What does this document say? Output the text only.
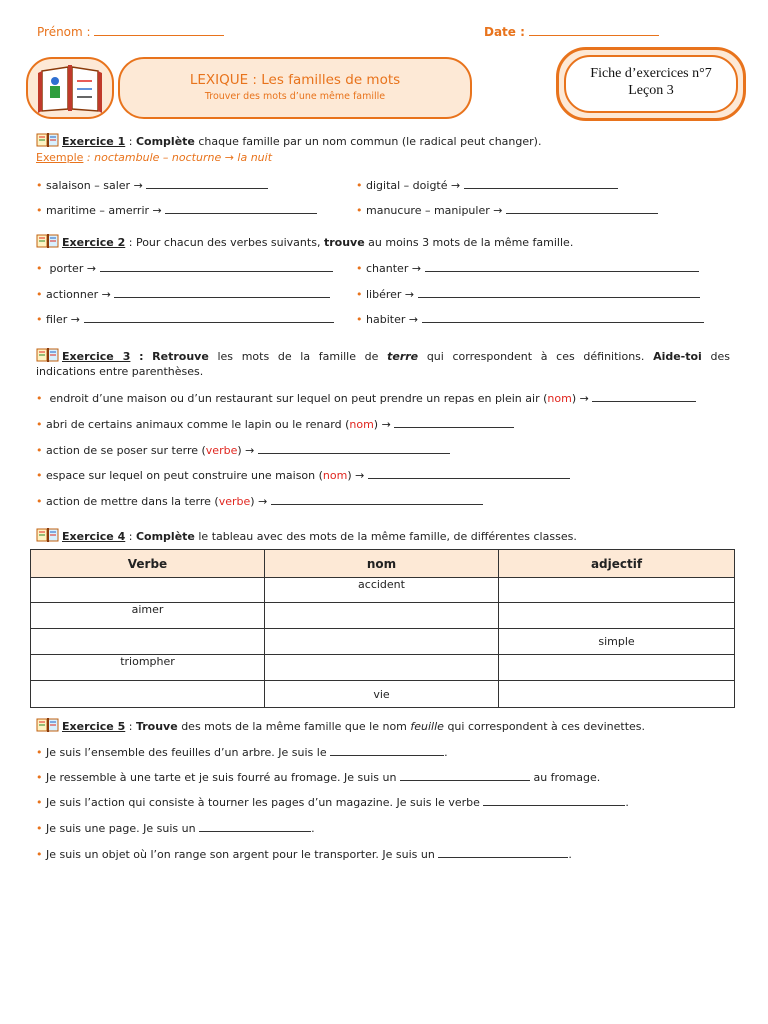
Prénom :	Date :
LEXIQUE : Les familles de mots
Trouver des mots d’une même famille
Fiche d’exercices n°7
Leçon 3
Exercice 1 : Complète chaque famille par un nom commun (le radical peut changer).
Exemple : noctambule – nocturne → la nuit
• salaison – saler →	• digital – doigté →
• maritime – amerrir →	• manucure – manipuler →
Exercice 2 : Pour chacun des verbes suivants, trouve au moins 3 mots de la même famille.
• porter →	• chanter →
• actionner →	• libérer →
• filer →	• habiter →
Exercice 3 : Retrouve les mots de la famille de terre qui correspondent à ces définitions. Aide-toi des
indications entre parenthèses.
• endroit d’une maison ou d’un restaurant sur lequel on peut prendre un repas en plein air (nom) →
• abri de certains animaux comme le lapin ou le renard (nom) →
• action de se poser sur terre (verbe) →
• espace sur lequel on peut construire une maison (nom) →
• action de mettre dans la terre (verbe) →
Exercice 4 : Complète le tableau avec des mots de la même famille, de différentes classes.
Verbe	nom	adjectif
	accident	
aimer		
		simple
triompher		
	vie	
Exercice 5 : Trouve des mots de la même famille que le nom feuille qui correspondent à ces devinettes.
• Je suis l’ensemble des feuilles d’un arbre. Je suis le	.
• Je ressemble à une tarte et je suis fourré au fromage. Je suis un	au fromage.
• Je suis l’action qui consiste à tourner les pages d’un magazine. Je suis le verbe	.
• Je suis une page. Je suis un	.
• Je suis un objet où l’on range son argent pour le transporter. Je suis un	.
